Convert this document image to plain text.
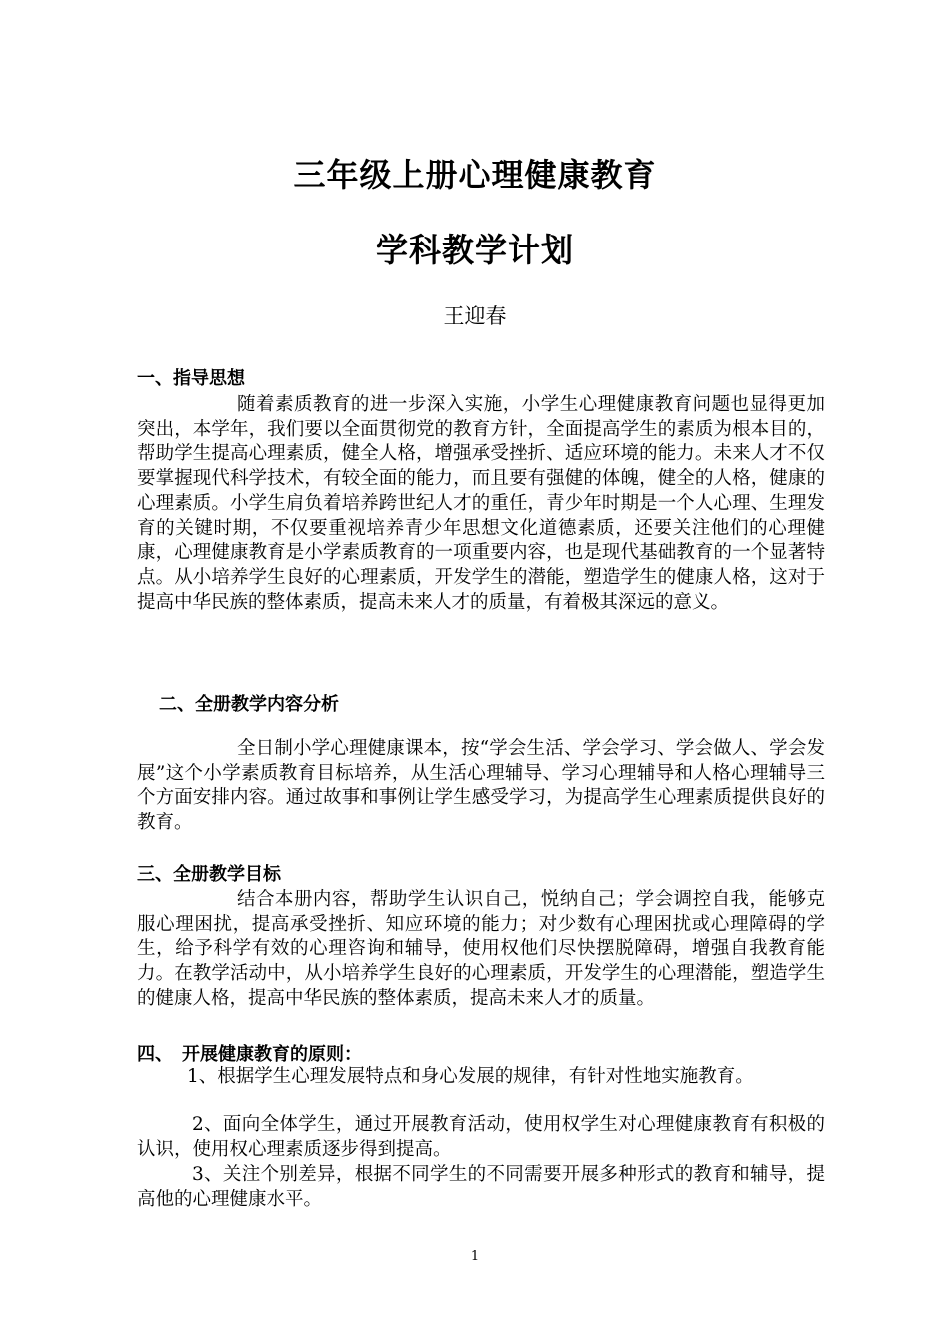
三年级上册心理健康教育
学科教学计划
王迎春
一、指导思想
随着素质教育的进一步深入实施，小学生心理健康教育问题也显得更加突出，本学年，我们要以全面贯彻党的教育方针，全面提高学生的素质为根本目的，帮助学生提高心理素质，健全人格，增强承受挫折、适应环境的能力。未来人才不仅要掌握现代科学技术，有较全面的能力，而且要有强健的体魄，健全的人格，健康的心理素质。小学生肩负着培养跨世纪人才的重任，青少年时期是一个人心理、生理发育的关键时期，不仅要重视培养青少年思想文化道德素质，还要关注他们的心理健康，心理健康教育是小学素质教育的一项重要内容，也是现代基础教育的一个显著特点。从小培养学生良好的心理素质，开发学生的潜能，塑造学生的健康人格，这对于提高中华民族的整体素质，提高未来人才的质量，有着极其深远的意义。
二、全册教学内容分析
全日制小学心理健康课本，按“学会生活、学会学习、学会做人、学会发展”这个小学素质教育目标培养，从生活心理辅导、学习心理辅导和人格心理辅导三个方面安排内容。通过故事和事例让学生感受学习，为提高学生心理素质提供良好的教育。
三、全册教学目标
结合本册内容，帮助学生认识自己，悦纳自己；学会调控自我，能够克服心理困扰，提高承受挫折、知应环境的能力；对少数有心理困扰或心理障碍的学生，给予科学有效的心理咨询和辅导，使用权他们尽快摆脱障碍，增强自我教育能力。在教学活动中，从小培养学生良好的心理素质，开发学生的心理潜能，塑造学生的健康人格，提高中华民族的整体素质，提高未来人才的质量。
四、　开展健康教育的原则：
1、根据学生心理发展特点和身心发展的规律，有针对性地实施教育。
2、面向全体学生，通过开展教育活动，使用权学生对心理健康教育有积极的认识，使用权心理素质逐步得到提高。
3、关注个别差异，根据不同学生的不同需要开展多种形式的教育和辅导，提高他的心理健康水平。
1
